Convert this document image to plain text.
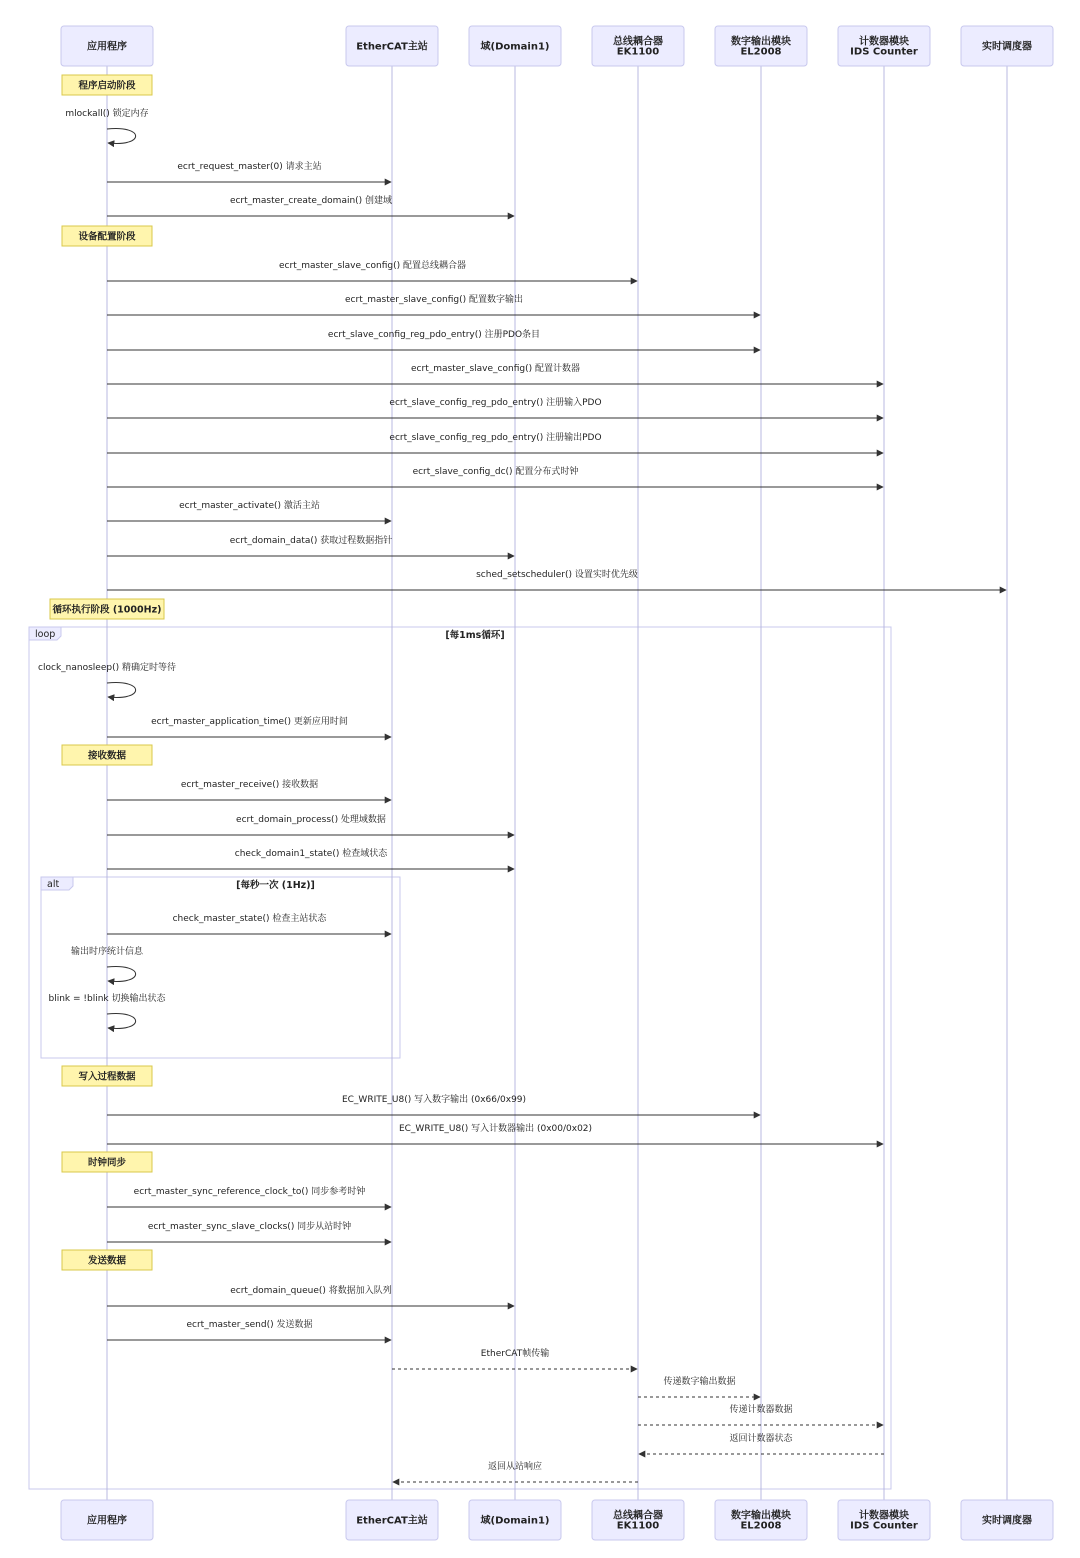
loop	[每1ms循环]
alt	[每秒一次 (1Hz)]
应用程序
应用程序
EtherCAT主站
EtherCAT主站
域(Domain1)
域(Domain1)
总线耦合器
EK1100
总线耦合器
EK1100
数字输出模块
EL2008
数字输出模块
EL2008
计数器模块
IDS Counter
计数器模块
IDS Counter
实时调度器
实时调度器
程序启动阶段
mlockall() 锁定内存
ecrt_request_master(0) 请求主站
ecrt_master_create_domain() 创建域
设备配置阶段
ecrt_master_slave_config() 配置总线耦合器
ecrt_master_slave_config() 配置数字输出
ecrt_slave_config_reg_pdo_entry() 注册PDO条目
ecrt_master_slave_config() 配置计数器
ecrt_slave_config_reg_pdo_entry() 注册输入PDO
ecrt_slave_config_reg_pdo_entry() 注册输出PDO
ecrt_slave_config_dc() 配置分布式时钟
ecrt_master_activate() 激活主站
ecrt_domain_data() 获取过程数据指针
sched_setscheduler() 设置实时优先级
循环执行阶段 (1000Hz)
clock_nanosleep() 精确定时等待
ecrt_master_application_time() 更新应用时间
接收数据
ecrt_master_receive() 接收数据
ecrt_domain_process() 处理域数据
check_domain1_state() 检查域状态
check_master_state() 检查主站状态
输出时序统计信息
blink = !blink 切换输出状态
写入过程数据
EC_WRITE_U8() 写入数字输出 (0x66/0x99)
EC_WRITE_U8() 写入计数器输出 (0x00/0x02)
时钟同步
ecrt_master_sync_reference_clock_to() 同步参考时钟
ecrt_master_sync_slave_clocks() 同步从站时钟
发送数据
ecrt_domain_queue() 将数据加入队列
ecrt_master_send() 发送数据
EtherCAT帧传输
传递数字输出数据
传递计数器数据
返回计数器状态
返回从站响应
